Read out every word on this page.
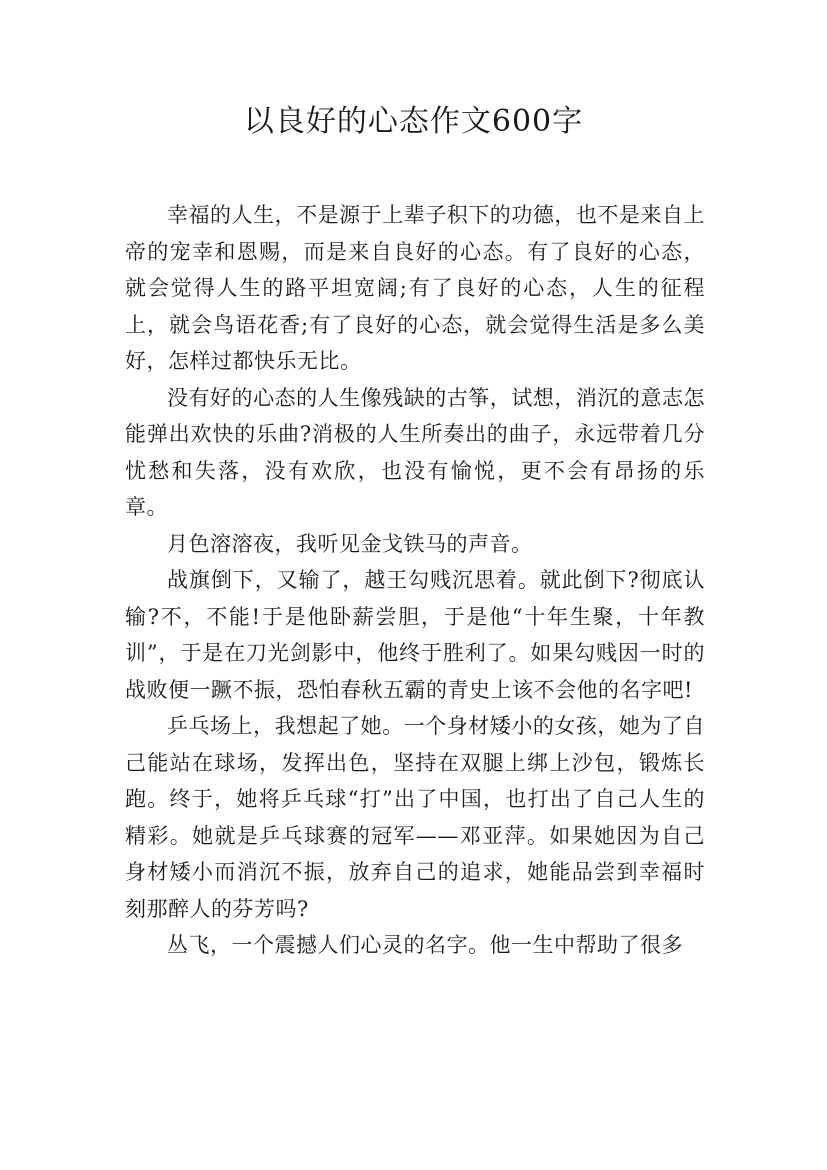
以良好的心态作文600字

幸福的人生，不是源于上辈子积下的功德，也不是来自上帝的宠幸和恩赐，而是来自良好的心态。有了良好的心态，就会觉得人生的路平坦宽阔;有了良好的心态，人生的征程上，就会鸟语花香;有了良好的心态，就会觉得生活是多么美好，怎样过都快乐无比。

没有好的心态的人生像残缺的古筝，试想，消沉的意志怎能弹出欢快的乐曲?消极的人生所奏出的曲子，永远带着几分忧愁和失落，没有欢欣，也没有愉悦，更不会有昂扬的乐章。

月色溶溶夜，我听见金戈铁马的声音。

战旗倒下，又输了，越王勾贱沉思着。就此倒下?彻底认输?不，不能!于是他卧薪尝胆，于是他“十年生聚，十年教训”，于是在刀光剑影中，他终于胜利了。如果勾贱因一时的战败便一蹶不振，恐怕春秋五霸的青史上该不会他的名字吧!

乒乓场上，我想起了她。一个身材矮小的女孩，她为了自己能站在球场，发挥出色，坚持在双腿上绑上沙包，锻炼长跑。终于，她将乒乓球“打”出了中国，也打出了自己人生的精彩。她就是乒乓球赛的冠军——邓亚萍。如果她因为自己身材矮小而消沉不振，放弃自己的追求，她能品尝到幸福时刻那醉人的芬芳吗?

丛飞，一个震撼人们心灵的名字。他一生中帮助了很多
